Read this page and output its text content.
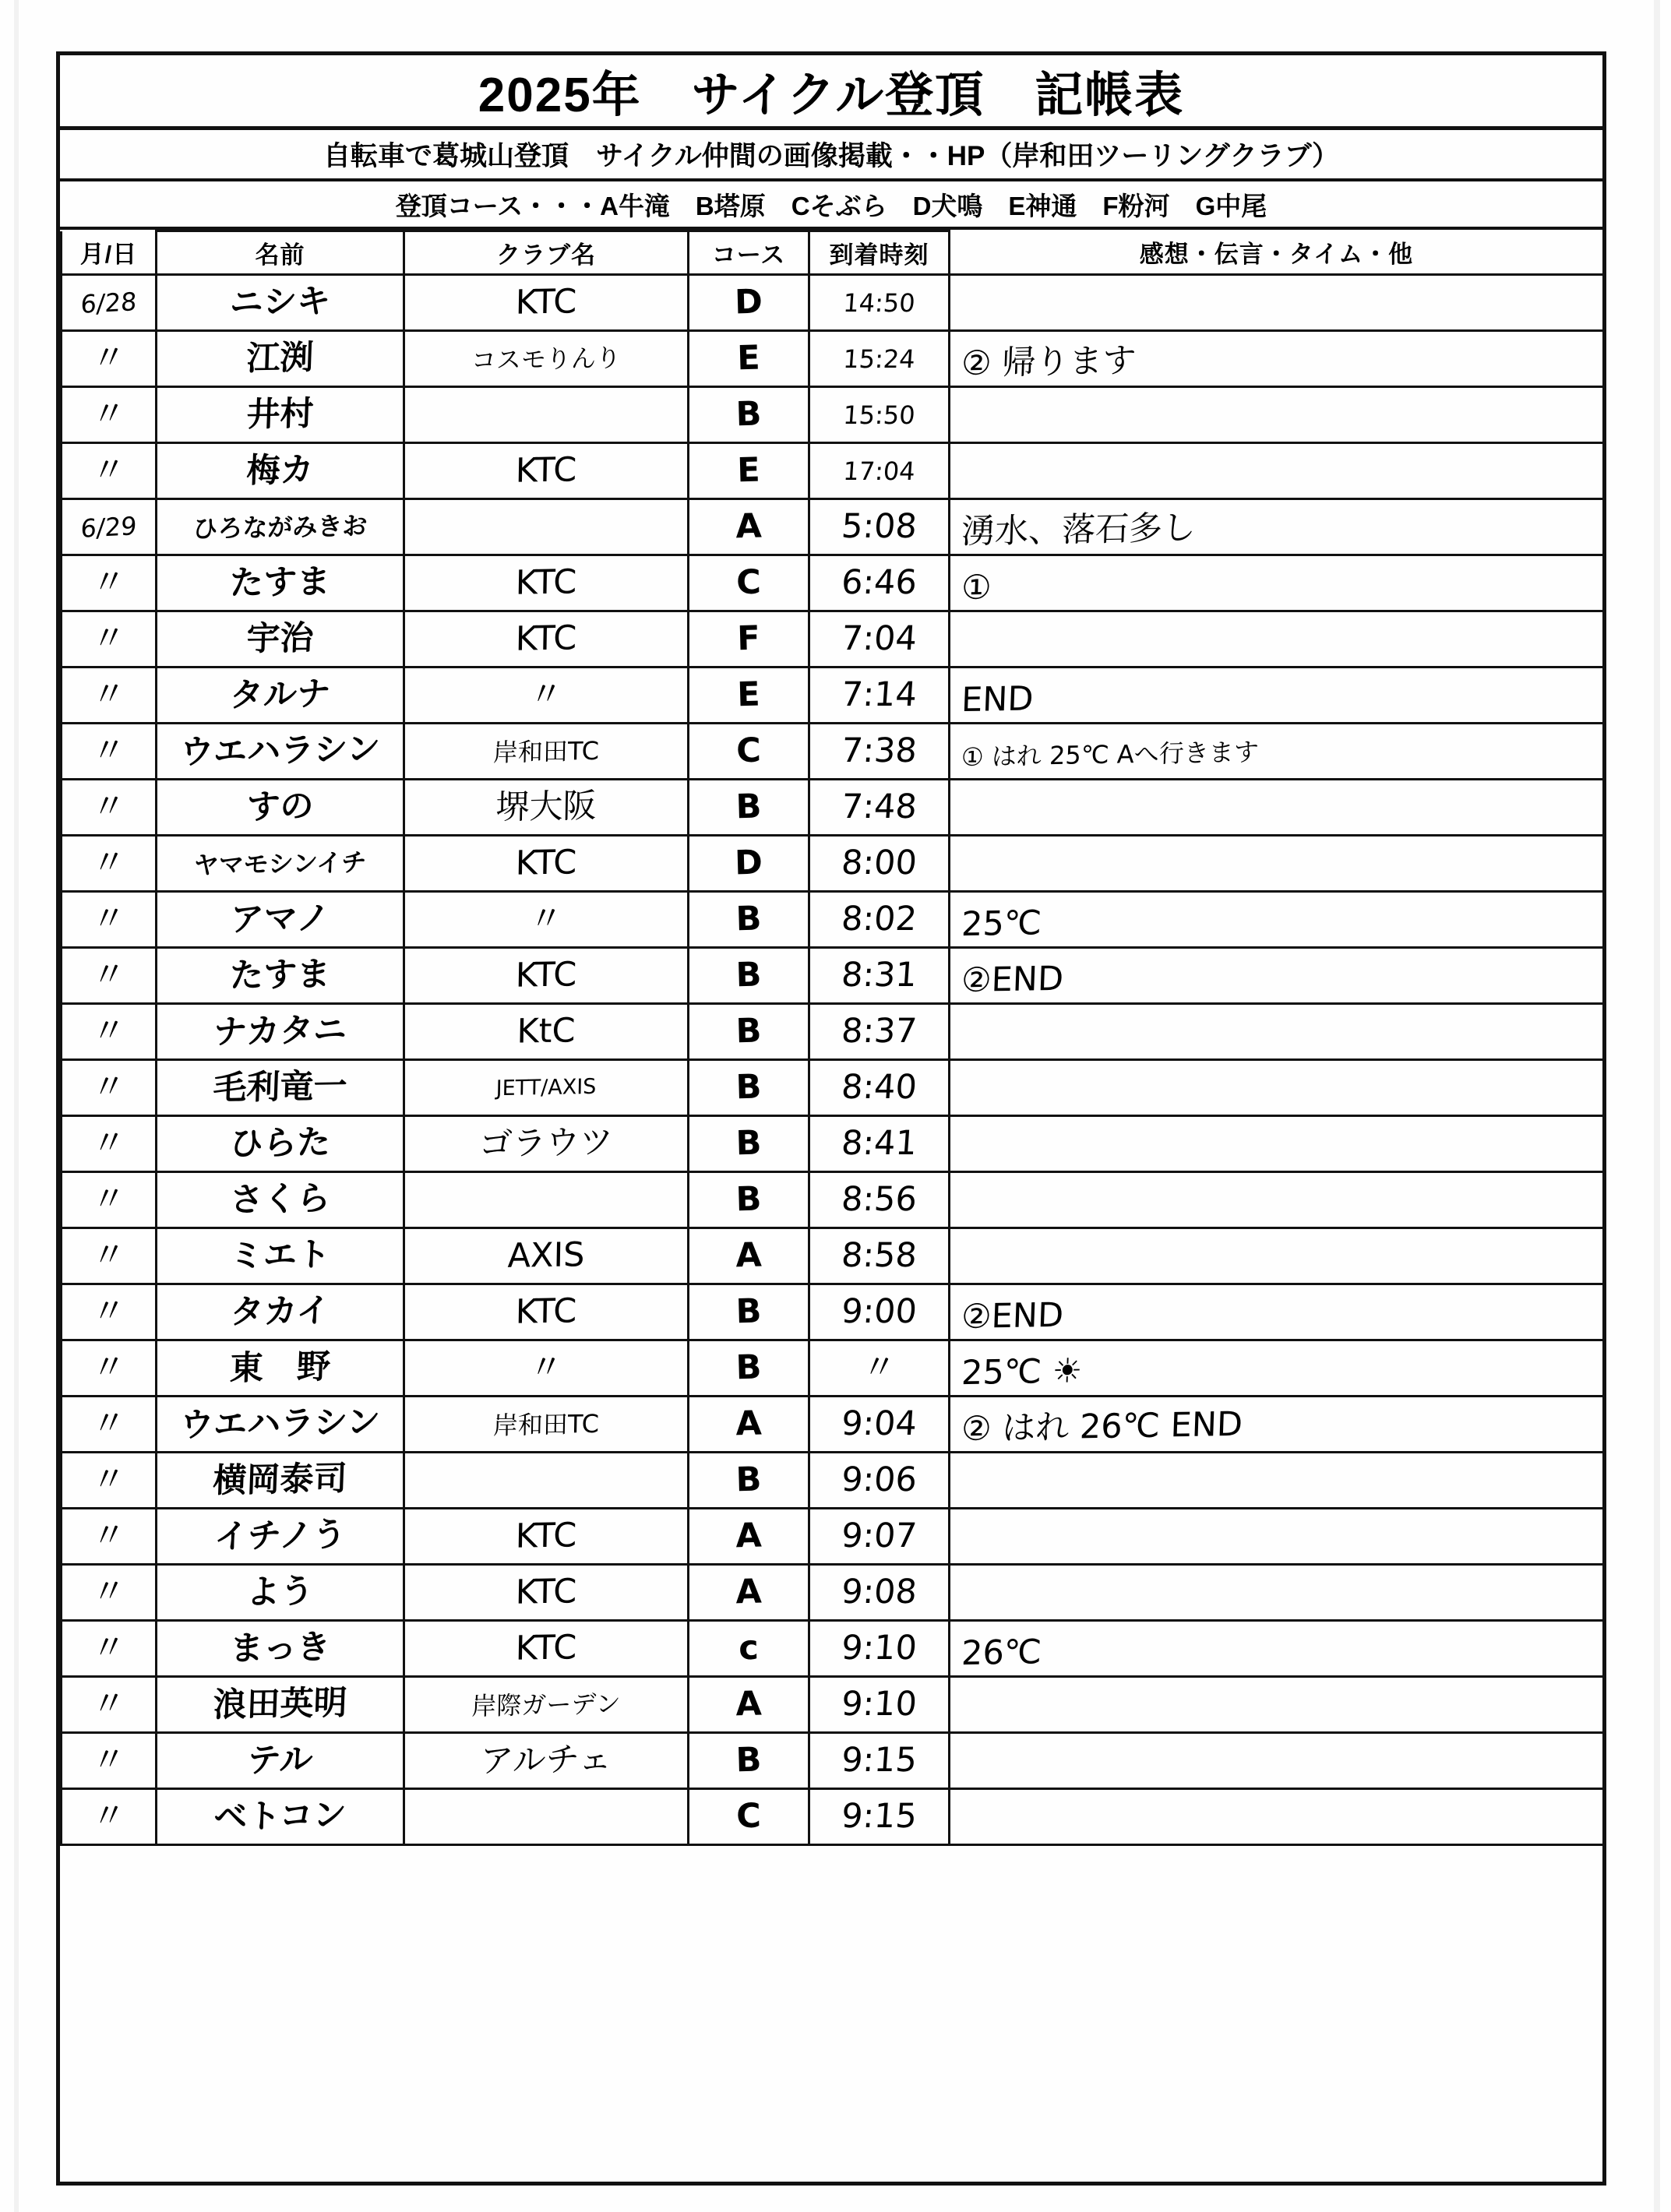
2025年　サイクル登頂　記帳表
自転車で葛城山登頂　サイクル仲間の画像掲載・・HP（岸和田ツーリングクラブ）
登頂コース・・・A牛滝　B塔原　Cそぶら　D犬鳴　E神通　F粉河　G中尾
月/日	名前	クラブ名	コース	到着時刻	感想・伝言・タイム・他

6/28	ニシキ	KTC	D	14:50	

〃	江渕	コスモりんり	E	15:24	② 帰ります

〃	井村		B	15:50	

〃	梅カ	KTC	E	17:04	

6/29	ひろながみきお		A	5:08	湧水、落石多し

〃	たすま	KTC	C	6:46	①

〃	宇治	KTC	F	7:04	

〃	タルナ	〃	E	7:14	END

〃	ウエハラシン	岸和田TC	C	7:38	① はれ 25℃ Aへ行きます

〃	すの	堺大阪	B	7:48	

〃	ヤマモシンイチ	KTC	D	8:00	

〃	アマノ	〃	B	8:02	25℃

〃	たすま	KTC	B	8:31	②END

〃	ナカタニ	KtC	B	8:37	

〃	毛利竜一	JETT/AXIS	B	8:40	

〃	ひらた	ゴラウツ	B	8:41	

〃	さくら		B	8:56	

〃	ミエト	AXIS	A	8:58	

〃	タカイ	KTC	B	9:00	②END

〃	東　野	〃	B	〃	25℃ ☀

〃	ウエハラシン	岸和田TC	A	9:04	② はれ 26℃ END

〃	横岡泰司		B	9:06	

〃	イチノう	KTC	A	9:07	

〃	よう	KTC	A	9:08	

〃	まっき	KTC	c	9:10	26℃

〃	浪田英明	岸際ガーデン	A	9:10	

〃	テル	アルチェ	B	9:15	

〃	ベトコン		C	9:15	
